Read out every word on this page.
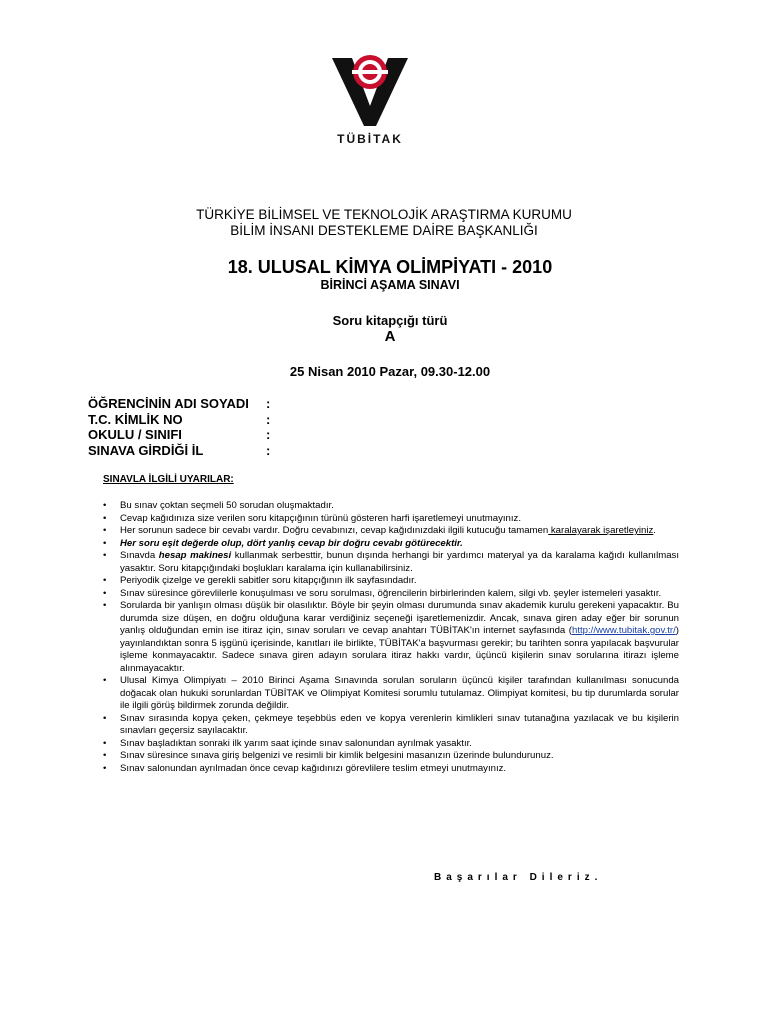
TÜBİTAK
TÜRKİYE BİLİMSEL VE TEKNOLOJİK ARAŞTIRMA KURUMU
BİLİM İNSANI DESTEKLEME DAİRE BAŞKANLIĞI
18. ULUSAL KİMYA OLİMPİYATI - 2010
BİRİNCİ AŞAMA SINAVI
Soru kitapçığı türü
A
25 Nisan 2010 Pazar, 09.30-12.00
ÖĞRENCİNİN ADI SOYADI :
T.C. KİMLİK NO	:
OKULU / SINIFI	:
SINAVA GİRDİĞİ İL	:
SINAVLA İLGİLİ UYARILAR:
• Bu sınav çoktan seçmeli 50 sorudan oluşmaktadır.
• Cevap kağıdınıza size verilen soru kitapçığının türünü gösteren harfi işaretlemeyi unutmayınız.
• Her sorunun sadece bir cevabı vardır. Doğru cevabınızı, cevap kağıdınızdaki ilgili kutucuğu tamamen karalayarak işaretleyiniz.
• Her soru eşit değerde olup, dört yanlış cevap bir doğru cevabı götürecektir.
• Sınavda hesap makinesi kullanmak serbesttir, bunun dışında herhangi bir yardımcı materyal ya da karalama kağıdı kullanılması yasaktır. Soru kitapçığındaki boşlukları karalama için kullanabilirsiniz.
• Periyodik çizelge ve gerekli sabitler soru kitapçığının ilk sayfasındadır.
• Sınav süresince görevlilerle konuşulması ve soru sorulması, öğrencilerin birbirlerinden kalem, silgi vb. şeyler istemeleri yasaktır.
• Sorularda bir yanlışın olması düşük bir olasılıktır. Böyle bir şeyin olması durumunda sınav akademik kurulu gerekeni yapacaktır. Bu durumda size düşen, en doğru olduğuna karar verdiğiniz seçeneği işaretlemenizdir. Ancak, sınava giren aday eğer bir sorunun yanlış olduğundan emin ise itiraz için, sınav soruları ve cevap anahtarı TÜBİTAK'ın internet sayfasında (http://www.tubitak.gov.tr/) yayınlandıktan sonra 5 işgünü içerisinde, kanıtları ile birlikte, TÜBİTAK'a başvurması gerekir; bu tarihten sonra yapılacak başvurular işleme konmayacaktır. Sadece sınava giren adayın sorulara itiraz hakkı vardır, üçüncü kişilerin sınav sorularına itirazı işleme alınmayacaktır.
• Ulusal Kimya Olimpiyatı – 2010 Birinci Aşama Sınavında sorulan soruların üçüncü kişiler tarafından kullanılması sonucunda doğacak olan hukuki sorunlardan TÜBİTAK ve Olimpiyat Komitesi sorumlu tutulamaz. Olimpiyat komitesi, bu tip durumlarda sorular ile ilgili görüş bildirmek zorunda değildir.
• Sınav sırasında kopya çeken, çekmeye teşebbüs eden ve kopya verenlerin kimlikleri sınav tutanağına yazılacak ve bu kişilerin sınavları geçersiz sayılacaktır.
• Sınav başladıktan sonraki ilk yarım saat içinde sınav salonundan ayrılmak yasaktır.
• Sınav süresince sınava giriş belgenizi ve resimli bir kimlik belgesini masanızın üzerinde bulundurunuz.
• Sınav salonundan ayrılmadan önce cevap kağıdınızı görevlilere teslim etmeyi unutmayınız.
Başarılar Dileriz.
